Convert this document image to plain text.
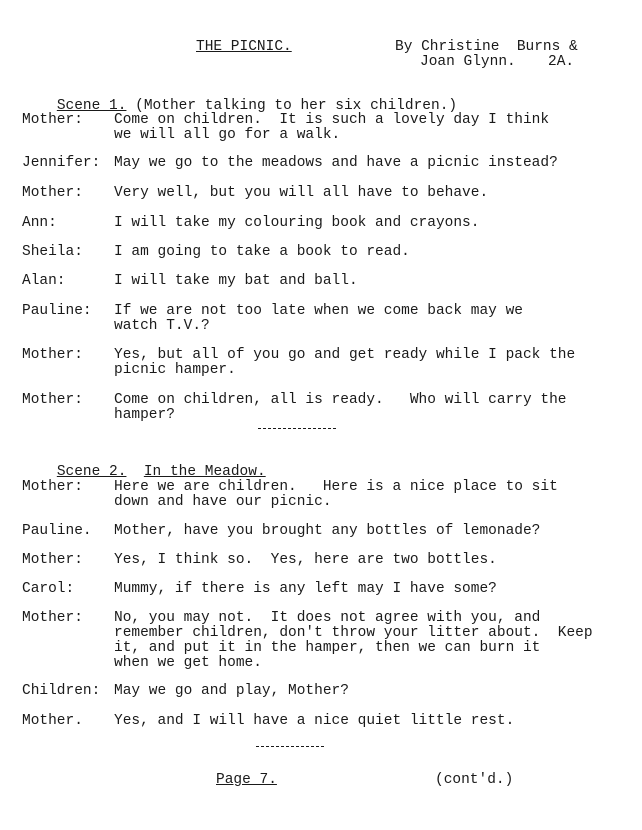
THE PICNIC.	By Christine  Burns &
Joan Glynn. 2A.

Scene 1. (Mother talking to her six children.)

Mother: Come on children.  It is such a lovely day I think
we will all go for a walk.
Jennifer: May we go to the meadows and have a picnic instead?
Mother: Very well, but you will all have to behave.
Ann:	I will take my colouring book and crayons.
Sheila: I am going to take a book to read.
Alan:	I will take my bat and ball.
Pauline: If we are not too late when we come back may we
watch T.V.?
Mother: Yes, but all of you go and get ready while I pack the
picnic hamper.
Mother: Come on children, all is ready.   Who will carry the
hamper?

Scene 2. In the Meadow.

Mother: Here we are children.   Here is a nice place to sit
down and have our picnic.
Pauline. Mother, have you brought any bottles of lemonade?
Mother: Yes, I think so.  Yes, here are two bottles.
Carol:	Mummy, if there is any left may I have some?
Mother: No, you may not.  It does not agree with you, and
remember children, don't throw your litter about.  Keep
it, and put it in the hamper, then we can burn it
when we get home.
Children: May we go and play, Mother?
Mother. Yes, and I will have a nice quiet little rest.
Page 7.	(cont'd.)
